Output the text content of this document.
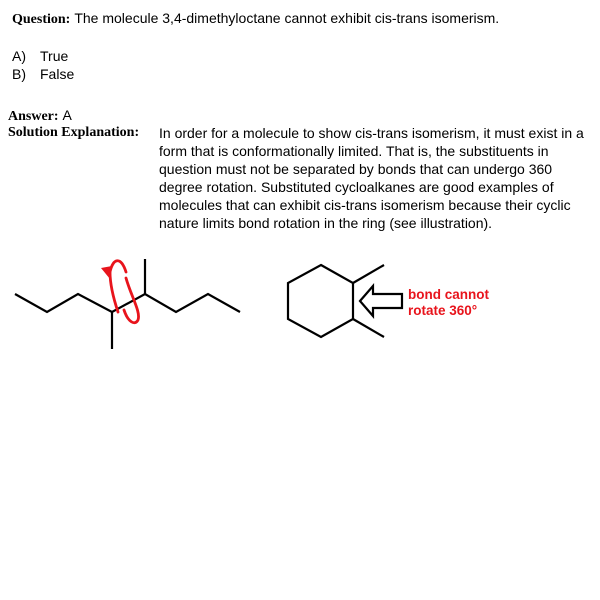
Question: The molecule 3,4-dimethyloctane cannot exhibit cis-trans isomerism.
A) True
B) False
Answer: A
Solution Explanation: In order for a molecule to show cis-trans isomerism, it must exist in a form that is conformationally limited. That is, the substituents in question must not be separated by bonds that can undergo 360 degree rotation. Substituted cycloalkanes are good examples of molecules that can exhibit cis-trans isomerism because their cyclic nature limits bond rotation in the ring (see illustration).
bond cannot
rotate 360°
